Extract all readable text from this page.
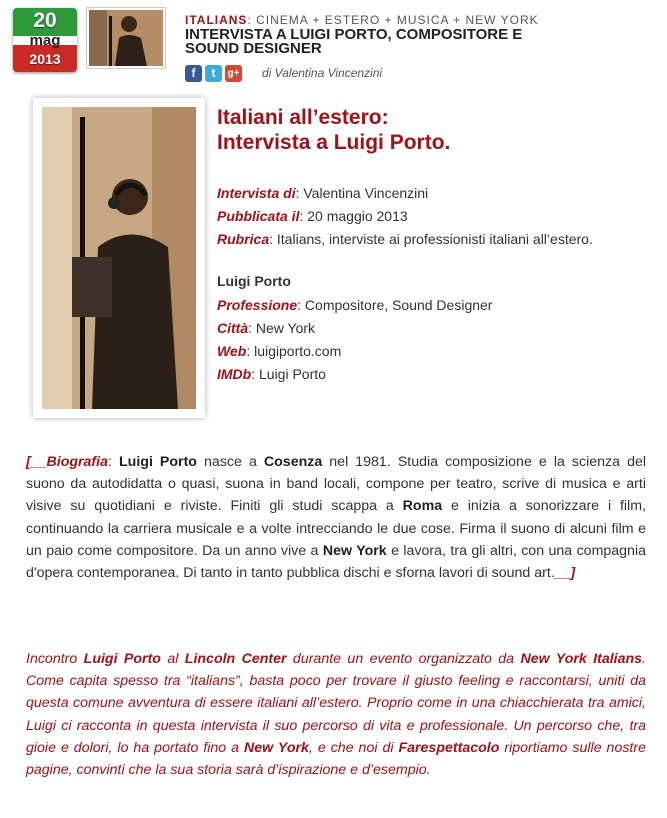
20
mag
2013
ITALIANS: CINEMA + ESTERO + MUSICA + NEW YORK
INTERVISTA A LUIGI PORTO, COMPOSITORE E
SOUND DESIGNER
f	t	g+ di Valentina Vincenzini
Italiani all’estero:
Intervista a Luigi Porto.
Intervista di: Valentina Vincenzini
Pubblicata il: 20 maggio 2013
Rubrica: Italians, interviste ai professionisti italiani all’estero.
Luigi Porto
Professione: Compositore, Sound Designer
Città: New York
Web: luigiporto.com
IMDb: Luigi Porto
[__Biografia: Luigi Porto nasce a Cosenza nel 1981. Studia composizione e la scienza del suono da autodidatta o quasi, suona in band locali, compone per teatro, scrive di musica e arti visive su quotidiani e riviste. Finiti gli studi scappa a Roma e inizia a sonorizzare i film, continuando la carriera musicale e a volte intrecciando le due cose. Firma il suono di alcuni film e un paio come compositore. Da un anno vive a New York e lavora, tra gli altri, con una compagnia d'opera contemporanea. Di tanto in tanto pubblica dischi e sforna lavori di sound art.__]
Incontro Luigi Porto al Lincoln Center durante un evento organizzato da New York Italians. Come capita spesso tra “italians”, basta poco per trovare il giusto feeling e raccontarsi, uniti da questa comune avventura di essere italiani all’estero. Proprio come in una chiacchierata tra amici, Luigi ci racconta in questa intervista il suo percorso di vita e professionale. Un percorso che, tra gioie e dolori, lo ha portato fino a New York, e che noi di Farespettacolo riportiamo sulle nostre pagine, convinti che la sua storia sarà d’ispirazione e d’esempio.
